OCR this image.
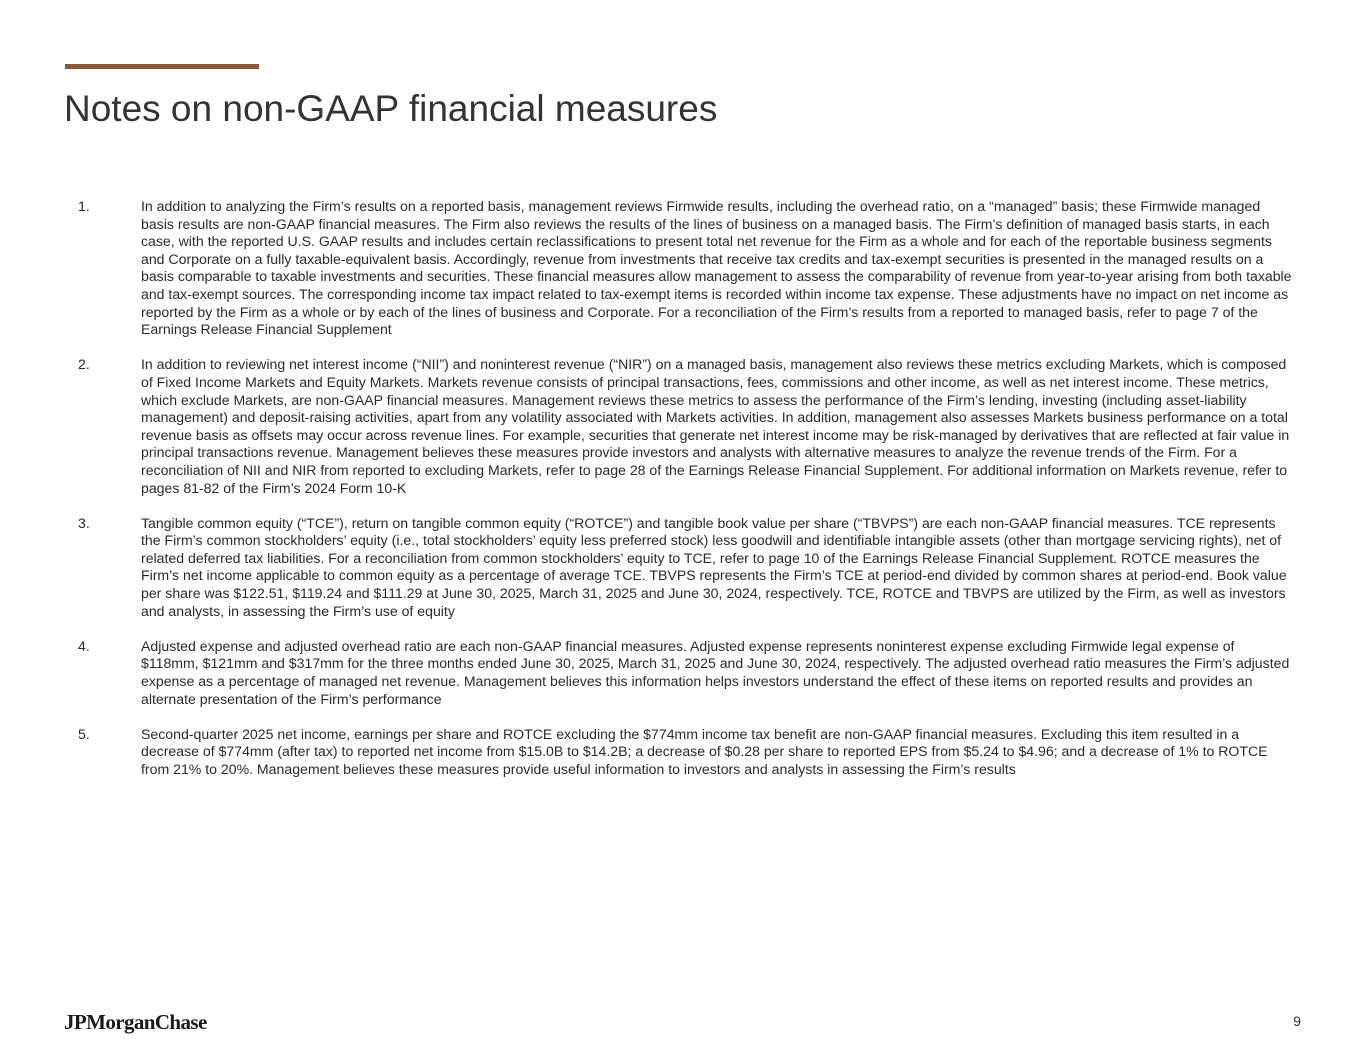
Notes on non-GAAP financial measures
1.	In addition to analyzing the Firm’s results on a reported basis, management reviews Firmwide results, including the overhead ratio, on a “managed” basis; these Firmwide managed basis results are non-GAAP financial measures. The Firm also reviews the results of the lines of business on a managed basis. The Firm’s definition of managed basis starts, in each case, with the reported U.S. GAAP results and includes certain reclassifications to present total net revenue for the Firm as a whole and for each of the reportable business segments and Corporate on a fully taxable-equivalent basis. Accordingly, revenue from investments that receive tax credits and tax-exempt securities is presented in the managed results on a basis comparable to taxable investments and securities. These financial measures allow management to assess the comparability of revenue from year-to-year arising from both taxable and tax-exempt sources. The corresponding income tax impact related to tax-exempt items is recorded within income tax expense. These adjustments have no impact on net income as reported by the Firm as a whole or by each of the lines of business and Corporate. For a reconciliation of the Firm’s results from a reported to managed basis, refer to page 7 of the Earnings Release Financial Supplement
2.	In addition to reviewing net interest income (“NII”) and noninterest revenue (“NIR”) on a managed basis, management also reviews these metrics excluding Markets, which is composed of Fixed Income Markets and Equity Markets. Markets revenue consists of principal transactions, fees, commissions and other income, as well as net interest income. These metrics, which exclude Markets, are non-GAAP financial measures. Management reviews these metrics to assess the performance of the Firm’s lending, investing (including asset-liability management) and deposit-raising activities, apart from any volatility associated with Markets activities. In addition, management also assesses Markets business performance on a total revenue basis as offsets may occur across revenue lines. For example, securities that generate net interest income may be risk-managed by derivatives that are reflected at fair value in principal transactions revenue. Management believes these measures provide investors and analysts with alternative measures to analyze the revenue trends of the Firm. For a reconciliation of NII and NIR from reported to excluding Markets, refer to page 28 of the Earnings Release Financial Supplement. For additional information on Markets revenue, refer to pages 81-82 of the Firm’s 2024 Form 10-K
3.	Tangible common equity (“TCE”), return on tangible common equity (“ROTCE”) and tangible book value per share (“TBVPS”) are each non-GAAP financial measures. TCE represents the Firm’s common stockholders’ equity (i.e., total stockholders’ equity less preferred stock) less goodwill and identifiable intangible assets (other than mortgage servicing rights), net of related deferred tax liabilities. For a reconciliation from common stockholders’ equity to TCE, refer to page 10 of the Earnings Release Financial Supplement. ROTCE measures the Firm’s net income applicable to common equity as a percentage of average TCE. TBVPS represents the Firm’s TCE at period-end divided by common shares at period-end. Book value per share was $122.51, $119.24 and $111.29 at June 30, 2025, March 31, 2025 and June 30, 2024, respectively. TCE, ROTCE and TBVPS are utilized by the Firm, as well as investors and analysts, in assessing the Firm’s use of equity
4.	Adjusted expense and adjusted overhead ratio are each non-GAAP financial measures. Adjusted expense represents noninterest expense excluding Firmwide legal expense of $118mm, $121mm and $317mm for the three months ended June 30, 2025, March 31, 2025 and June 30, 2024, respectively. The adjusted overhead ratio measures the Firm’s adjusted expense as a percentage of managed net revenue. Management believes this information helps investors understand the effect of these items on reported results and provides an alternate presentation of the Firm’s performance
5.	Second-quarter 2025 net income, earnings per share and ROTCE excluding the $774mm income tax benefit are non-GAAP financial measures. Excluding this item resulted in a decrease of $774mm (after tax) to reported net income from $15.0B to $14.2B; a decrease of $0.28 per share to reported EPS from $5.24 to $4.96; and a decrease of 1% to ROTCE from 21% to 20%. Management believes these measures provide useful information to investors and analysts in assessing the Firm’s results
JPMorganChase	9
